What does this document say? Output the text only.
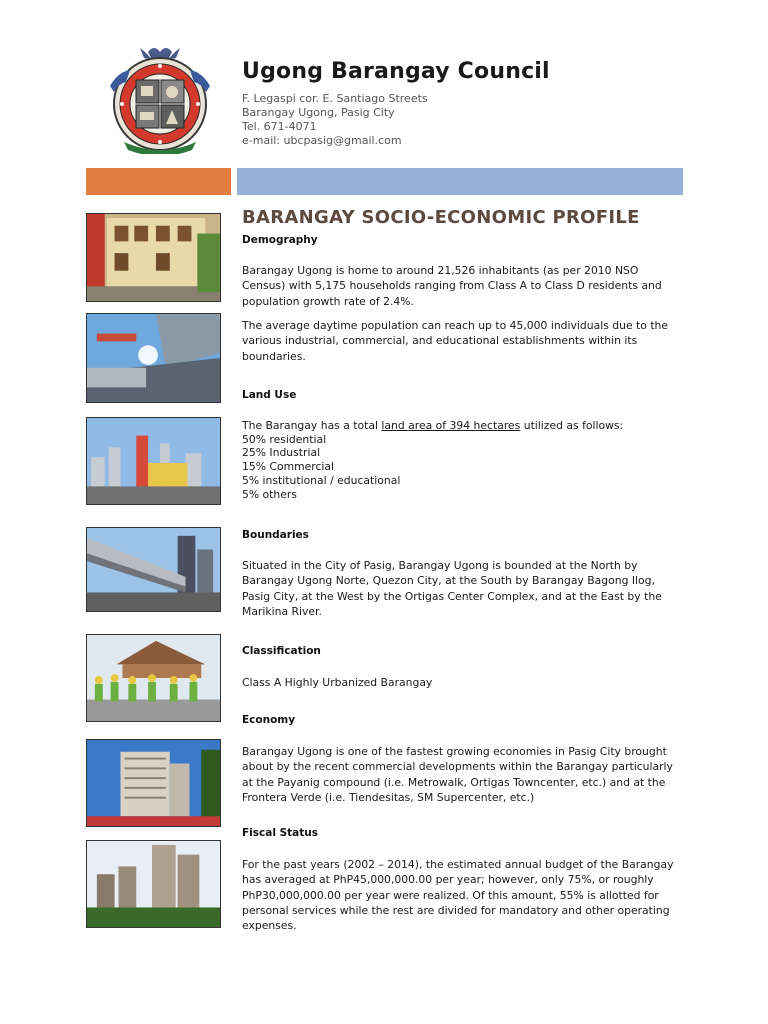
Ugong Barangay Council
F. Legaspi cor. E. Santiago Streets
Barangay Ugong, Pasig City
Tel. 671-4071
e-mail: ubcpasig@gmail.com
BARANGAY SOCIO-ECONOMIC PROFILE
Demography
Barangay Ugong is home to around 21,526 inhabitants (as per 2010 NSO Census) with 5,175 households ranging from Class A to Class D residents and population growth rate of 2.4%.
The average daytime population can reach up to 45,000 individuals due to the various industrial, commercial, and educational establishments within its boundaries.
Land Use
The Barangay has a total land area of 394 hectares utilized as follows:
50% residential
25% Industrial
15% Commercial
5% institutional / educational
5% others
Boundaries
Situated in the City of Pasig, Barangay Ugong is bounded at the North by Barangay Ugong Norte, Quezon City, at the South by Barangay Bagong Ilog, Pasig City, at the West by the Ortigas Center Complex, and at the East by the Marikina River.
Classification
Class A Highly Urbanized Barangay
Economy
Barangay Ugong is one of the fastest growing economies in Pasig City brought about by the recent commercial developments within the Barangay particularly at the Payanig compound (i.e. Metrowalk, Ortigas Towncenter, etc.) and at the Frontera Verde (i.e. Tiendesitas, SM Supercenter, etc.)
Fiscal Status
For the past years (2002 – 2014), the estimated annual budget of the Barangay has averaged at PhP45,000,000.00 per year; however, only 75%, or roughly PhP30,000,000.00 per year were realized. Of this amount, 55% is allotted for personal services while the rest are divided for mandatory and other operating expenses.
